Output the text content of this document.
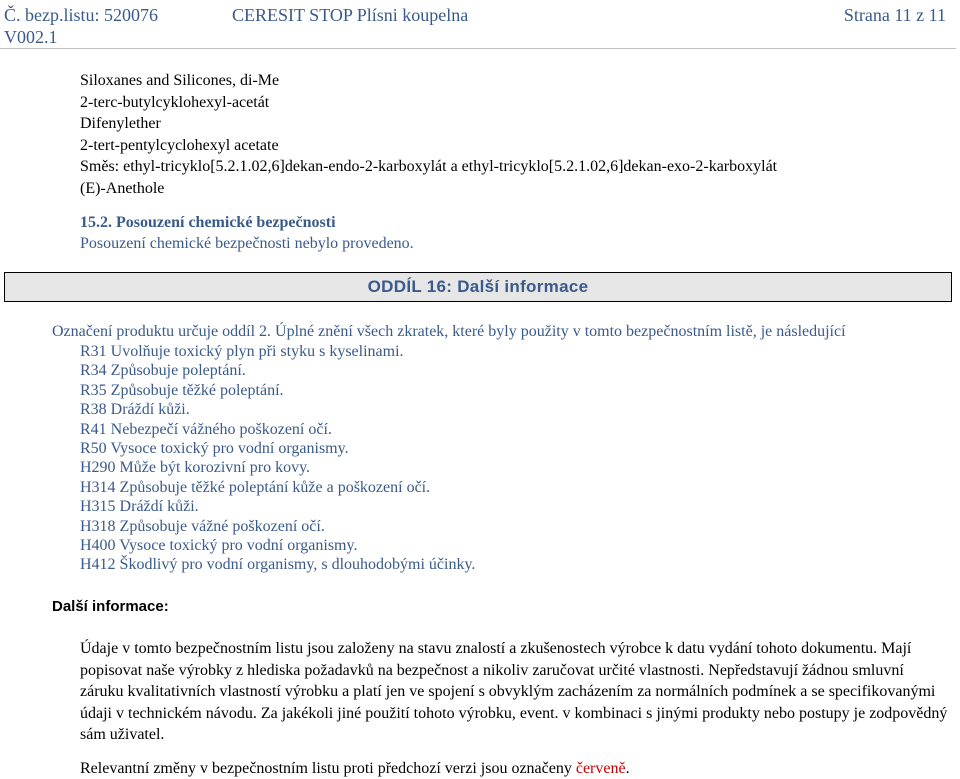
Č. bezp.listu: 520076
V002.1
CERESIT STOP Plísni koupelna	Strana 11 z 11
Siloxanes and Silicones, di-Me
2-terc-butylcyklohexyl-acetát
Difenylether
2-tert-pentylcyclohexyl acetate
Směs: ethyl-tricyklo[5.2.1.02,6]dekan-endo-2-karboxylát a ethyl-tricyklo[5.2.1.02,6]dekan-exo-2-karboxylát
(E)-Anethole
15.2. Posouzení chemické bezpečnosti
Posouzení chemické bezpečnosti nebylo provedeno.
ODDÍL 16: Další informace
Označení produktu určuje oddíl 2. Úplné znění všech zkratek, které byly použity v tomto bezpečnostním listě, je následující
R31 Uvolňuje toxický plyn při styku s kyselinami.
R34 Způsobuje poleptání.
R35 Způsobuje těžké poleptání.
R38 Dráždí kůži.
R41 Nebezpečí vážného poškození očí.
R50 Vysoce toxický pro vodní organismy.
H290 Může být korozivní pro kovy.
H314 Způsobuje těžké poleptání kůže a poškození očí.
H315 Dráždí kůži.
H318 Způsobuje vážné poškození očí.
H400 Vysoce toxický pro vodní organismy.
H412 Škodlivý pro vodní organismy, s dlouhodobými účinky.
Další informace:
Údaje v tomto bezpečnostním listu jsou založeny na stavu znalostí a zkušenostech výrobce k datu vydání tohoto dokumentu. Mají popisovat naše výrobky z hlediska požadavků na bezpečnost a nikoliv zaručovat určité vlastnosti. Nepředstavují žádnou smluvní záruku kvalitativních vlastností výrobku a platí jen ve spojení s obvyklým zacházením za normálních podmínek a se specifikovanými údaji v technickém návodu. Za jakékoli jiné použití tohoto výrobku, event. v kombinaci s jinými produkty nebo postupy je zodpovědný sám uživatel.
Relevantní změny v bezpečnostním listu proti předchozí verzi jsou označeny červeně.
